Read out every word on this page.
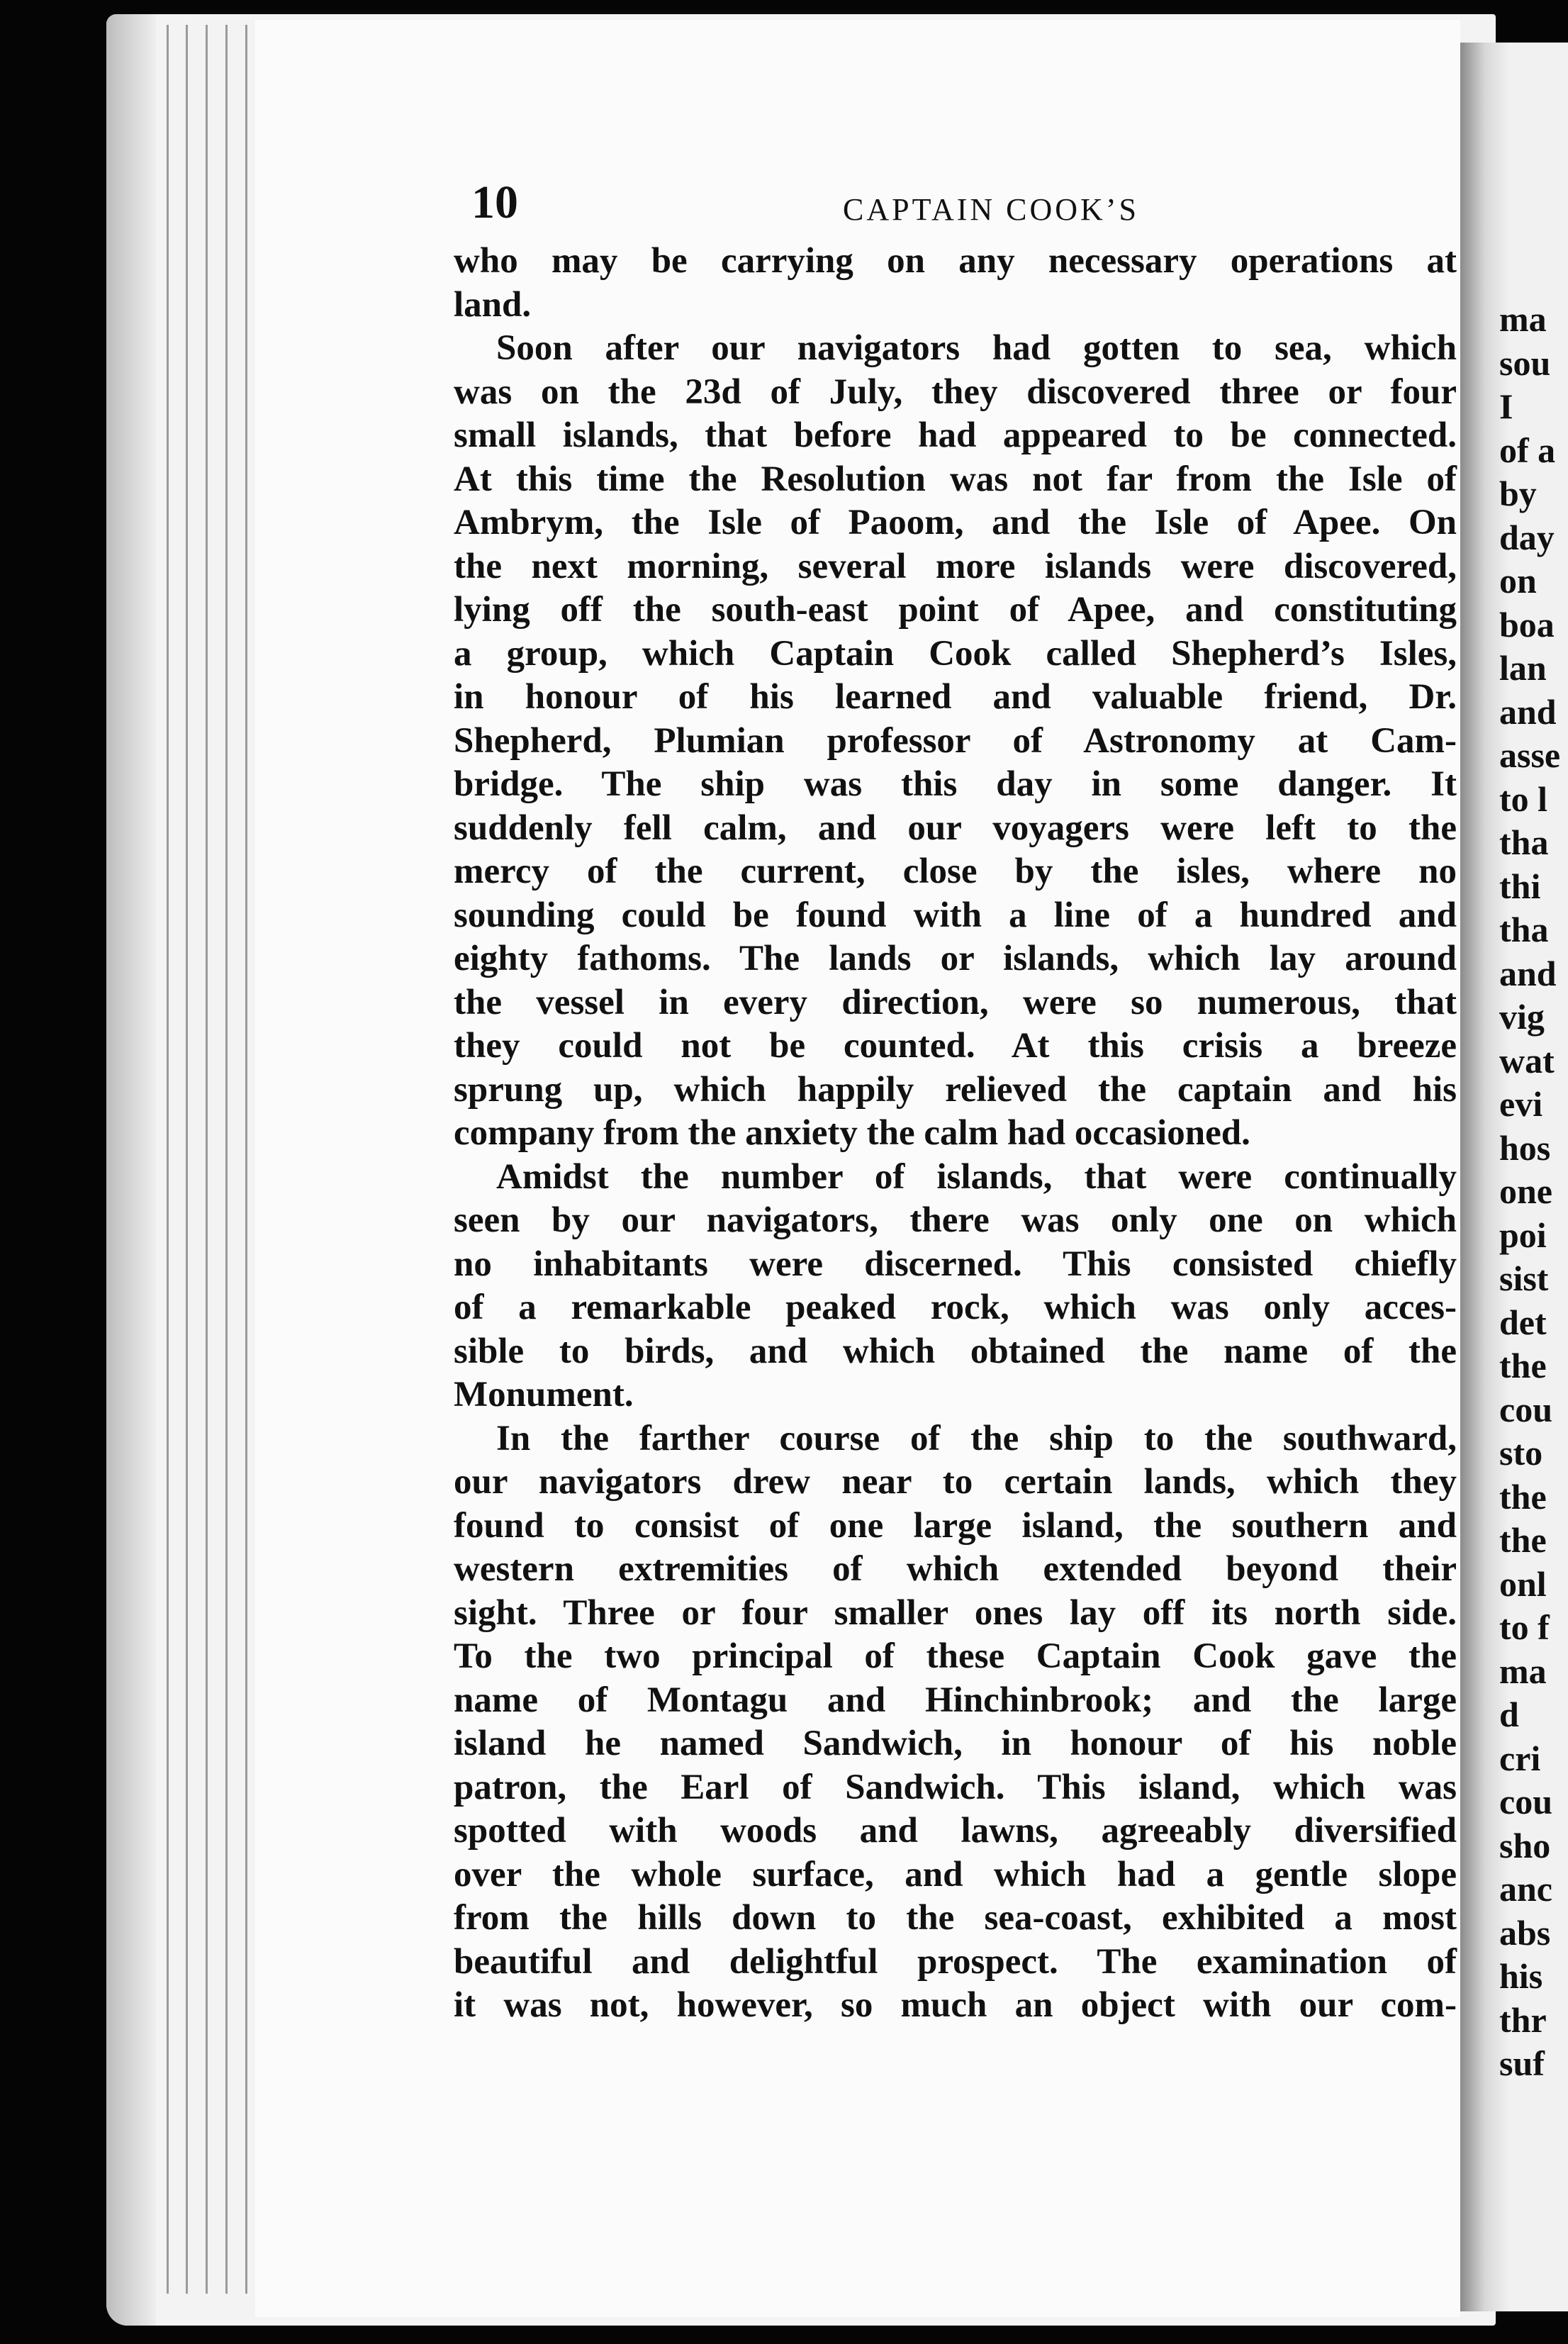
10	CAPTAIN COOK’S
who may be carrying on any necessary operations at
land.
Soon after our navigators had gotten to sea, which
was on the 23d of July, they discovered three or four
small islands, that before had appeared to be connected.
At this time the Resolution was not far from the Isle of
Ambrym, the Isle of Paoom, and the Isle of Apee. On
the next morning, several more islands were discovered,
lying off the south-east point of Apee, and constituting
a group, which Captain Cook called Shepherd’s Isles,
in honour of his learned and valuable friend, Dr.
Shepherd, Plumian professor of Astronomy at Cam-
bridge. The ship was this day in some danger. It
suddenly fell calm, and our voyagers were left to the
mercy of the current, close by the isles, where no
sounding could be found with a line of a hundred and
eighty fathoms. The lands or islands, which lay around
the vessel in every direction, were so numerous, that
they could not be counted. At this crisis a breeze
sprung up, which happily relieved the captain and his
company from the anxiety the calm had occasioned.
Amidst the number of islands, that were continually
seen by our navigators, there was only one on which
no inhabitants were discerned. This consisted chiefly
of a remarkable peaked rock, which was only acces-
sible to birds, and which obtained the name of the
Monument.
In the farther course of the ship to the southward,
our navigators drew near to certain lands, which they
found to consist of one large island, the southern and
western extremities of which extended beyond their
sight. Three or four smaller ones lay off its north side.
To the two principal of these Captain Cook gave the
name of Montagu and Hinchinbrook; and the large
island he named Sandwich, in honour of his noble
patron, the Earl of Sandwich. This island, which was
spotted with woods and lawns, agreeably diversified
over the whole surface, and which had a gentle slope
from the hills down to the sea-coast, exhibited a most
beautiful and delightful prospect. The examination of
it was not, however, so much an object with our com-
ma
sou
I
of a
by
day
on
boa
lan
and
asse
to l
tha
thi
tha
and
vig
wat
evi
hos
one
poi
sist
det
the
cou
sto
the
the
onl
to f
ma
d
cri
cou
sho
anc
abs
his
thr
suf
